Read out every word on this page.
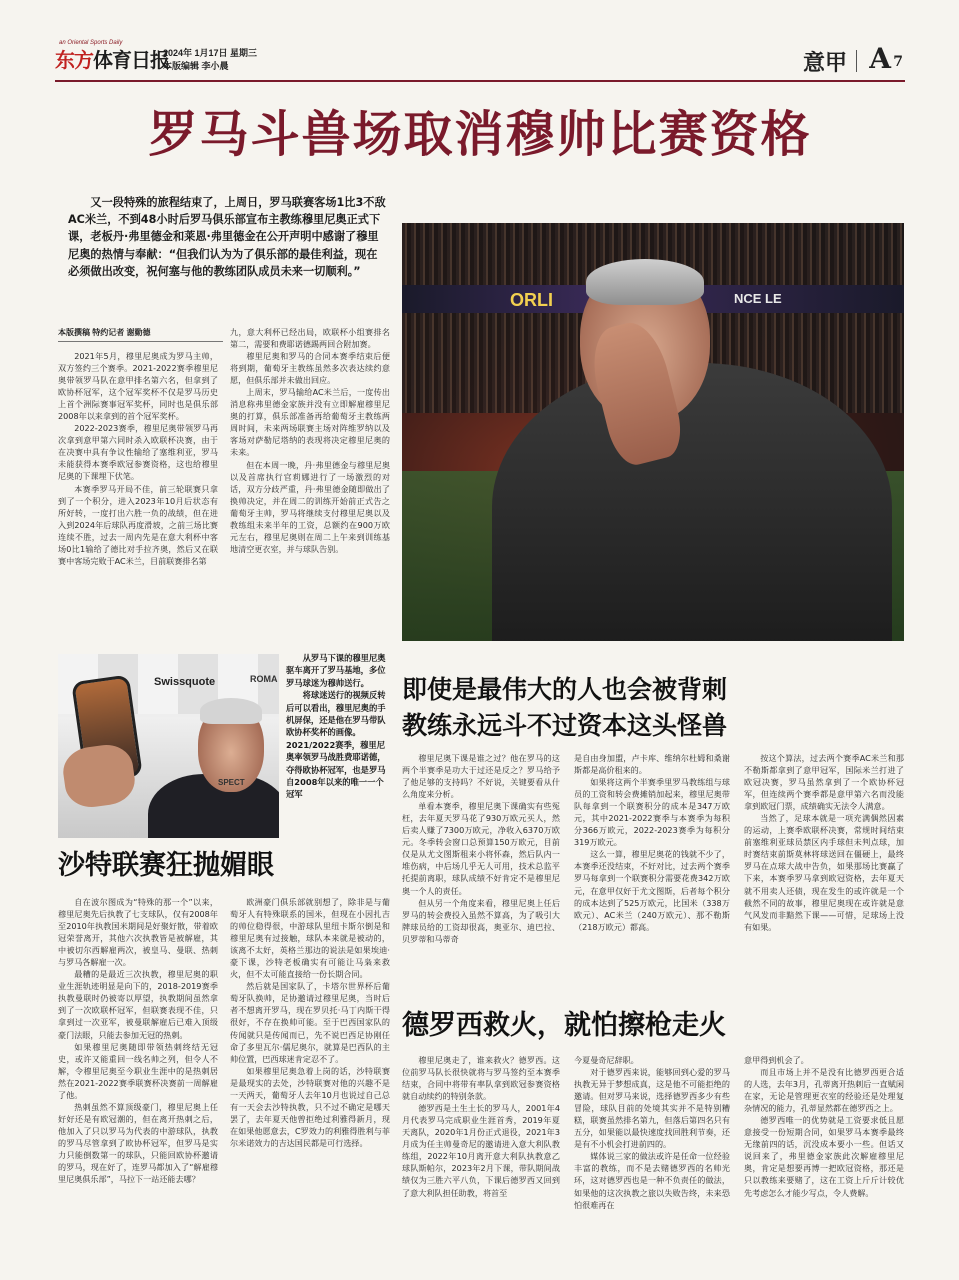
an Oriental Sports Daily
东方体育日报
2024年 1月17日 星期三
本版编辑 李小晨	意甲 A 7
罗马斗兽场取消穆帅比赛资格
又一段特殊的旅程结束了，上周日，罗马联赛客场1比3不敌AC米兰，不到48小时后罗马俱乐部宣布主教练穆里尼奥正式下课，老板丹·弗里德金和莱恩·弗里德金在公开声明中感谢了穆里尼奥的热情与奉献：“但我们认为为了俱乐部的最佳利益，现在必须做出改变，祝何塞与他的教练团队成员未来一切顺利。”
本版撰稿 特约记者 谢勤德
ORLI	NCE LE
Swissquote	ROMA
SPECT

从罗马下课的穆里尼奥驱车离开了罗马基地，多位罗马球迷为穆帅送行。

将球迷送行的视频反转后可以看出，穆里尼奥的手机屏保，还是他在罗马带队欧协杯奖杯的画像。2021/2022赛季，穆里尼奥率领罗马战胜费耶诺德，夺得欧协杯冠军，也是罗马自2008年以来的唯一一个冠军

2021年5月，穆里尼奥成为罗马主帅，双方签约三个赛季。2021-2022赛季穆里尼奥带领罗马队在意甲排名第六名，但拿到了欧协杯冠军，这个冠军奖杯不仅是罗马历史上首个洲际赛事冠军奖杯，同时也是俱乐部2008年以来拿到的首个冠军奖杯。

2022-2023赛季，穆里尼奥带领罗马再次拿到意甲第六同时杀入欧联杯决赛，由于在决赛中具有争议性输给了塞维利亚，罗马未能获得本赛季欧冠参赛资格，这也给穆里尼奥的下课埋下伏笔。

本赛季罗马开局不佳，前三轮联赛只拿到了一个积分，进入2023年10月后状态有所好转，一度打出六胜一负的战绩，但在进入到2024年后球队再度滑坡，之前三场比赛连续不胜，过去一周内先是在意大利杯中客场0比1输给了德比对手拉齐奥，然后又在联赛中客场完败于AC米兰，目前联赛排名第

九，意大利杯已经出局，欧联杯小组赛排名第二，需要和费耶诺德踢两回合附加赛。

穆里尼奥和罗马的合同本赛季结束后便将到期，葡萄牙主教练虽然多次表达续约意愿，但俱乐部并未做出回应。

上周末，罗马输给AC米兰后，一度传出消息称弗里德金家族并没有立即解雇穆里尼奥的打算，俱乐部准备再给葡萄牙主教练两周时间，未来两场联赛主场对阵维罗纳以及客场对萨勒尼塔纳的表现将决定穆里尼奥的未来。

但在本周一晚，丹·弗里德金与穆里尼奥以及首席执行官莉娜进行了一场激烈的对话，双方分歧严重，丹·弗里德金随即做出了换帅决定，并在周二的训练开始前正式告之葡萄牙主帅，罗马将继续支付穆里尼奥以及教练组未来半年的工资，总额约在900万欧元左右，穆里尼奥则在周二上午来到训练基地清空更衣室，并与球队告别。

即使是最伟大的人也会被背刺
教练永远斗不过资本这头怪兽

穆里尼奥下课是谁之过？他在罗马的这两个半赛季是功大于过还是反之？罗马给予了他足够的支持吗？不好说，关键要看从什么角度来分析。

单看本赛季，穆里尼奥下课确实有些冤枉，去年夏天罗马花了930万欧元买人，然后卖人赚了7300万欧元，净收入6370万欧元。冬季转会窗口总预算150万欧元，目前仅是从尤文图斯租来小将怀森，然后队内一堆伤病，中后场几乎无人可用，技术总监平托提前离职，球队成绩不好肯定不是穆里尼奥一个人的责任。

但从另一个角度来看，穆里尼奥上任后罗马的转会费投入虽然不算高，为了吸引大牌球员给的工资却很高，奥亚尔、迪巴拉、贝罗蒂和马蒂奇

是自由身加盟，卢卡库、维纳尔杜姆和桑谢斯都是高价租来的。

如果将这两个半赛季里罗马教练组与球员的工资和转会费摊销加起来，穆里尼奥带队每拿到一个联赛积分的成本是347万欧元，其中2021-2022赛季与本赛季为每积分366万欧元，2022-2023赛季为每积分319万欧元。

这么一算，穆里尼奥花的钱就不少了，本赛季还没结束，不好对比，过去两个赛季罗马每拿到一个联赛积分需要花费342万欧元，在意甲仅好于尤文图斯，后者每个积分的成本达到了525万欧元，比国米（338万欧元）、AC米兰（240万欧元）、那不勒斯（218万欧元）都高。

按这个算法，过去两个赛季AC米兰和那不勒斯都拿到了意甲冠军，国际米兰打进了欧冠决赛，罗马虽然拿到了一个欧协杯冠军，但连续两个赛季都是意甲第六名而没能拿到欧冠门票，成绩确实无法令人满意。

当然了，足球本就是一项充满偶然因素的运动，上赛季欧联杯决赛，常规时间结束前塞维利亚球员禁区内手球但未判点球，加时赛结束前斯莫林将球送回在僵硬上，最终罗马在点球大战中告负，如果那场比赛赢了下来，本赛季罗马拿到欧冠资格，去年夏天就不用卖人还债，现在发生的或许就是一个截然不同的故事，穆里尼奥现在或许就是意气风发而非黯然下课——可惜，足球场上没有如果。

沙特联赛狂抛媚眼

自在波尔图成为“特殊的那一个”以来，穆里尼奥先后执教了七支球队，仅有2008年至2010年执教国米期间是好聚好散，带着欧冠荣誉离开，其他六次执教皆是被解雇，其中被切尔西解雇两次，被皇马、曼联、热刺与罗马各解雇一次。

最糟的是最近三次执教，穆里尼奥的职业生涯轨迹明显是向下的，2018-2019赛季执教曼联时仍被寄以厚望，执教期间虽然拿到了一次欧联杯冠军，但联赛表现不佳，只拿到过一次亚军，被曼联解雇后已难入顶级豪门法眼，只能去参加无冠的热刺。

如果穆里尼奥随即带领热刺终结无冠史，或许又能重回一线名帅之列，但令人不解，令穆里尼奥至今职业生涯中的是热刺居然在2021-2022赛季联赛杯决赛前一周解雇了他。

热刺虽然不算顶级豪门，穆里尼奥上任好好还是有欧冠潮的，但在离开热刺之后，他加入了只以罗马为代表的中游球队，执教的罗马尽管拿到了欧协杯冠军，但罗马是实力只能倒数第一的球队，只能回欧协杯邀请的罗马，现在好了，连罗马都加入了“解雇穆里尼奥俱乐部”，马拉下一站还能去哪？

欧洲豪门俱乐部就别想了，除非是与葡萄牙人有特殊联系的国米，但现在小因扎吉的帅位稳得很，中游球队里纽卡斯尔倒是和穆里尼奥有过接触，球队本来就是被动的，该离不太好，英格兰那边的说法是如果埃迪·豪下课，沙特老板确实有可能让马枭来救火，但不太可能直接给一份长期合同。

然后就是国家队了，卡塔尔世界杯后葡萄牙队换帅，足协邀请过穆里尼奥，当时后者不想离开罗马，现在罗贝托·马丁内斯干得很好，不存在换帅可能。至于巴西国家队的传闻就只是传闻而已，先不说巴西足协刚任命了多里瓦尔·儒尼奥尔，就算是巴西队的主帅位置，巴西球迷肯定忍不了。

如果穆里尼奥急着上岗的话，沙特联赛是最现实的去处，沙特联赛对他的兴趣不是一天两天，葡萄牙人去年10月也说过自己总有一天会去沙特执教，只不过不确定是哪天罢了，去年夏天他曾拒绝过利雅得新月，现在如果他愿意去，C罗效力的利雅得胜利与菲尔米诺效力的吉达国民都是可行选择。

德罗西救火，就怕擦枪走火

穆里尼奥走了，谁来救火？德罗西。这位前罗马队长很快就将与罗马签约至本赛季结束，合同中将带有率队拿到欧冠参赛资格就自动续约的特别条款。

德罗西是土生土长的罗马人，2001年4月代表罗马完成职业生涯首秀，2019年夏天离队，2020年1月份正式退役，2021年3月成为任主帅曼奇尼的邀请进入意大利队教练组，2022年10月离开意大利队执教意乙球队斯帕尔，2023年2月下课，带队期间战绩仅为三胜六平八负，下课后德罗西又回到了意大利队担任助教，将首至

今夏曼奇尼辞职。

对于德罗西来说，能够回到心爱的罗马执教无异于梦想成真，这是他不可能拒绝的邀请。但对罗马来说，选择德罗西多少有些冒险，球队目前的处境其实并不是特别糟糕，联赛虽然排名第九，但落后第四名只有五分，如果能以最快速度找回胜利节奏，还是有不小机会打进前四的。

媒体说三家的做法或许是任命一位经验丰富的教练，而不是去赌德罗西的名帅光环，这对德罗西也是一种不负责任的做法，如果他的这次执教之旅以失败告终，未来恐怕很难再在

意甲得到机会了。

而且市场上并不是没有比德罗西更合适的人选，去年3月，孔蒂离开热刺后一直赋闲在家，无论是管理更衣室的经验还是处理复杂情况的能力，孔蒂显然都在德罗西之上。

德罗西唯一的优势就是工资要求低且愿意接受一份短期合同，如果罗马本赛季最终无缘前四的话，沉没成本要小一些。但话又说回来了，弗里德金家族此次解雇穆里尼奥，肯定是想要再博一把欧冠资格，那还是只以教练来要赌了，这在工资上斤斤计较优先考虑怎么才能少写点，令人费解。
